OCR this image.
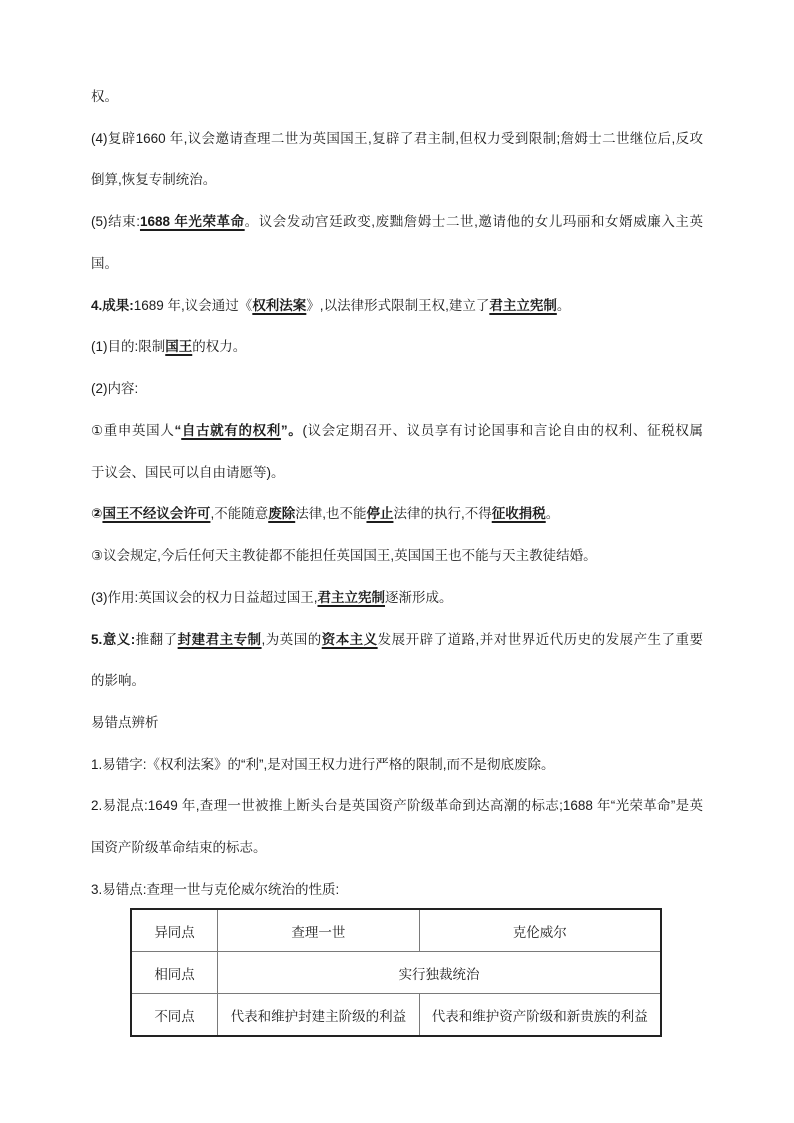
权。
(4)复辟1660 年,议会邀请查理二世为英国国王,复辟了君主制,但权力受到限制;詹姆士二世继位后,反攻
倒算,恢复专制统治。
(5)结束:1688 年光荣革命。议会发动宫廷政变,废黜詹姆士二世,邀请他的女儿玛丽和女婿威廉入主英
国。
4.成果:1689 年,议会通过《权利法案》,以法律形式限制王权,建立了君主立宪制。
(1)目的:限制国王的权力。
(2)内容:
①重申英国人“自古就有的权利”。(议会定期召开、议员享有讨论国事和言论自由的权利、征税权属
于议会、国民可以自由请愿等)。
②国王不经议会许可,不能随意废除法律,也不能停止法律的执行,不得征收捐税。
③议会规定,今后任何天主教徒都不能担任英国国王,英国国王也不能与天主教徒结婚。
(3)作用:英国议会的权力日益超过国王,君主立宪制逐渐形成。
5.意义:推翻了封建君主专制,为英国的资本主义发展开辟了道路,并对世界近代历史的发展产生了重要
的影响。
易错点辨析
1.易错字:《权利法案》的“利”,是对国王权力进行严格的限制,而不是彻底废除。
2.易混点:1649 年,查理一世被推上断头台是英国资产阶级革命到达高潮的标志;1688 年“光荣革命”是英
国资产阶级革命结束的标志。
3.易错点:查理一世与克伦威尔统治的性质:
异同点	查理一世	克伦威尔
相同点	实行独裁统治	
不同点	代表和维护封建主阶级的利益	代表和维护资产阶级和新贵族的利益
